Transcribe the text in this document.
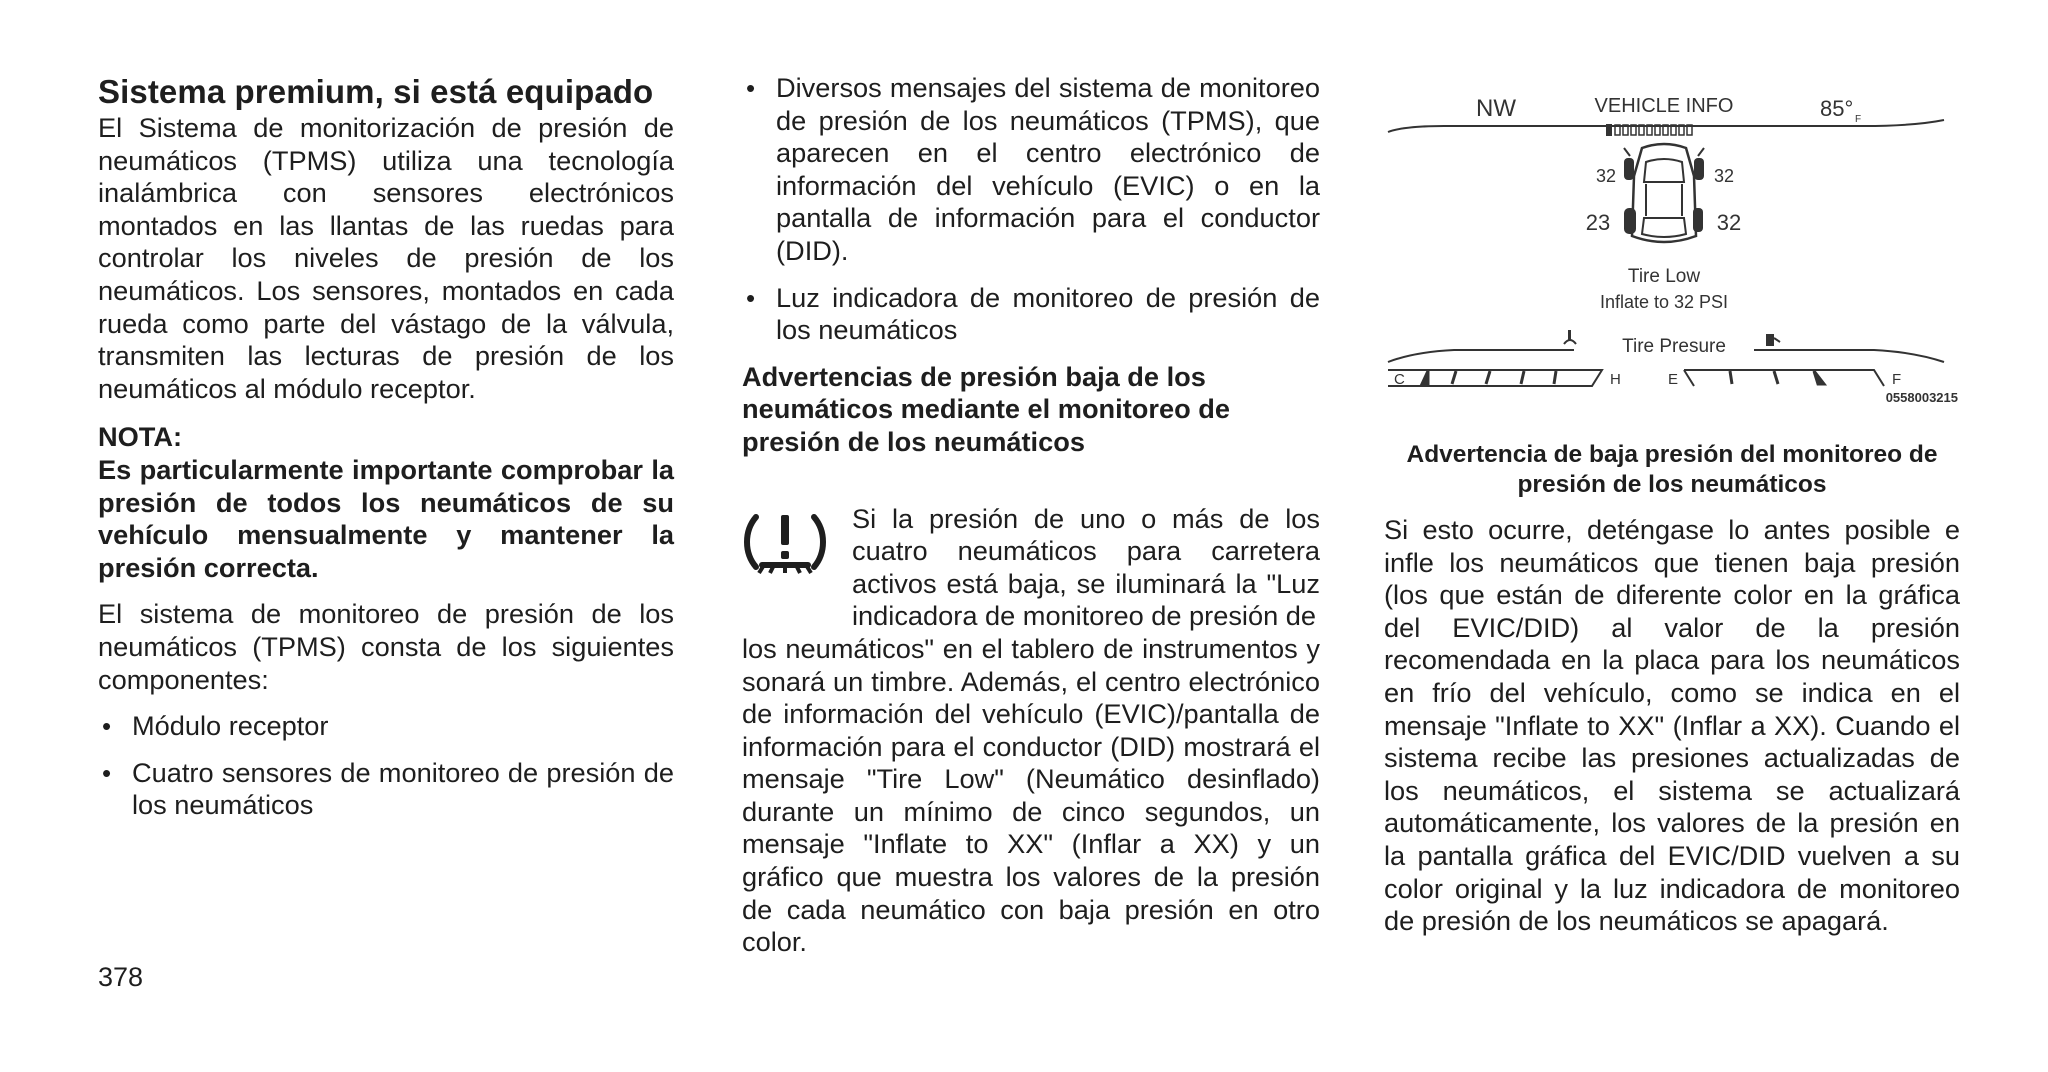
Sistema premium, si está equipado

El Sistema de monitorización de presión de neumáticos (TPMS) utiliza una tecnología inalámbrica con sensores electrónicos montados en las llantas de las ruedas para controlar los niveles de presión de los neumáticos. Los sensores, montados en cada rueda como parte del vástago de la válvula, transmiten las lecturas de presión de los neumáticos al módulo receptor.

NOTA:

Es particularmente importante comprobar la presión de todos los neumáticos de su vehículo mensualmente y mantener la presión correcta.

El sistema de monitoreo de presión de los neumáticos (TPMS) consta de los siguientes componentes:

• Módulo receptor
• Cuatro sensores de monitoreo de presión de los neumáticos
• Diversos mensajes del sistema de monitoreo de presión de los neumáticos (TPMS), que aparecen en el centro electrónico de información del vehículo (EVIC) o en la pantalla de información para el conductor (DID).
• Luz indicadora de monitoreo de presión de los neumáticos
Advertencias de presión baja de los neumáticos mediante el monitoreo de presión de los neumáticos

Si la presión de uno o más de los cuatro neumáticos para carretera activos está baja, se iluminará la "Luz indicadora de monitoreo de presión de

los neumáticos" en el tablero de instrumentos y sonará un timbre. Además, el centro electrónico de información del vehículo (EVIC)/pantalla de información para el conductor (DID) mostrará el mensaje "Tire Low" (Neumático desinflado) durante un mínimo de cinco segundos, un mensaje "Inflate to XX" (Inflar a XX) y un gráfico que muestra los valores de la presión de cada neumático con baja presión en otro color.

NW	VEHICLE INFO	85° F
32	32
23	32
Tire Low
Inflate to 32 PSI
Tire Presure
C	H	E	F
0558003215
Advertencia de baja presión del monitoreo de presión de los neumáticos

Si esto ocurre, deténgase lo antes posible e infle los neumáticos que tienen baja presión (los que están de diferente color en la gráfica del EVIC/DID) al valor de la presión recomendada en la placa para los neumáticos en frío del vehículo, como se indica en el mensaje "Inflate to XX" (Inflar a XX). Cuando el sistema recibe las presiones actualizadas de los neumáticos, el sistema se actualizará automáticamente, los valores de la presión en la pantalla gráfica del EVIC/DID vuelven a su color original y la luz indicadora de monitoreo de presión de los neumáticos se apagará.

378
